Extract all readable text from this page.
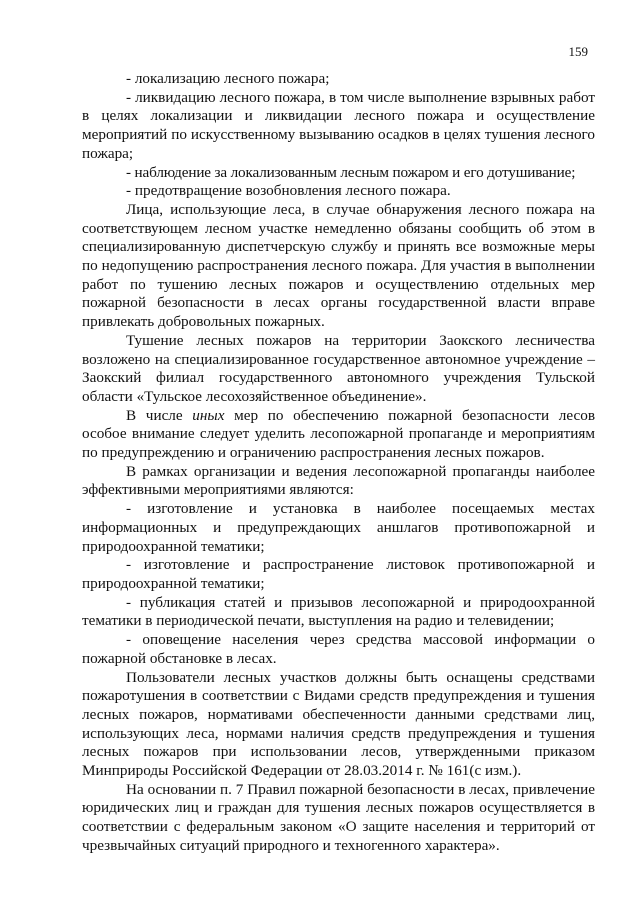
159

- локализацию лесного пожара;

- ликвидацию лесного пожара, в том числе выполнение взрывных работ в целях локализации и ликвидации лесного пожара и осуществление мероприятий по искусственному вызыванию осадков в целях тушения лесного пожара;

- наблюдение за локализованным лесным пожаром и его дотушивание;

- предотвращение возобновления лесного пожара.

Лица, использующие леса, в случае обнаружения лесного пожара на соответствующем лесном участке немедленно обязаны сообщить об этом в специализированную диспетчерскую службу и принять все возможные меры по недопущению распространения лесного пожара. Для участия в выполнении работ по тушению лесных пожаров и осуществлению отдельных мер пожарной безопасности в лесах органы государственной власти вправе привлекать добровольных пожарных.

Тушение лесных пожаров на территории Заокского лесничества возложено на специализированное государственное автономное учреждение – Заокский филиал государственного автономного учреждения Тульской области «Тульское лесохозяйственное объединение».

В числе иных мер по обеспечению пожарной безопасности лесов особое внимание следует уделить лесопожарной пропаганде и мероприятиям по предупреждению и ограничению распространения лесных пожаров.

В рамках организации и ведения лесопожарной пропаганды наиболее эффективными мероприятиями являются:

- изготовление и установка в наиболее посещаемых местах информационных и предупреждающих аншлагов противопожарной и природоохранной тематики;

- изготовление и распространение листовок противопожарной и природоохранной тематики;

- публикация статей и призывов лесопожарной и природоохранной тематики в периодической печати, выступления на радио и телевидении;

- оповещение населения через средства массовой информации о пожарной обстановке в лесах.

Пользователи лесных участков должны быть оснащены средствами пожаротушения в соответствии с Видами средств предупреждения и тушения лесных пожаров, нормативами обеспеченности данными средствами лиц, использующих леса, нормами наличия средств предупреждения и тушения лесных пожаров при использовании лесов, утвержденными приказом Минприроды Российской Федерации от 28.03.2014 г. № 161(с изм.).

На основании п. 7 Правил пожарной безопасности в лесах, привлечение юридических лиц и граждан для тушения лесных пожаров осуществляется в соответствии с федеральным законом «О защите населения и территорий от чрезвычайных ситуаций природного и техногенного характера».
